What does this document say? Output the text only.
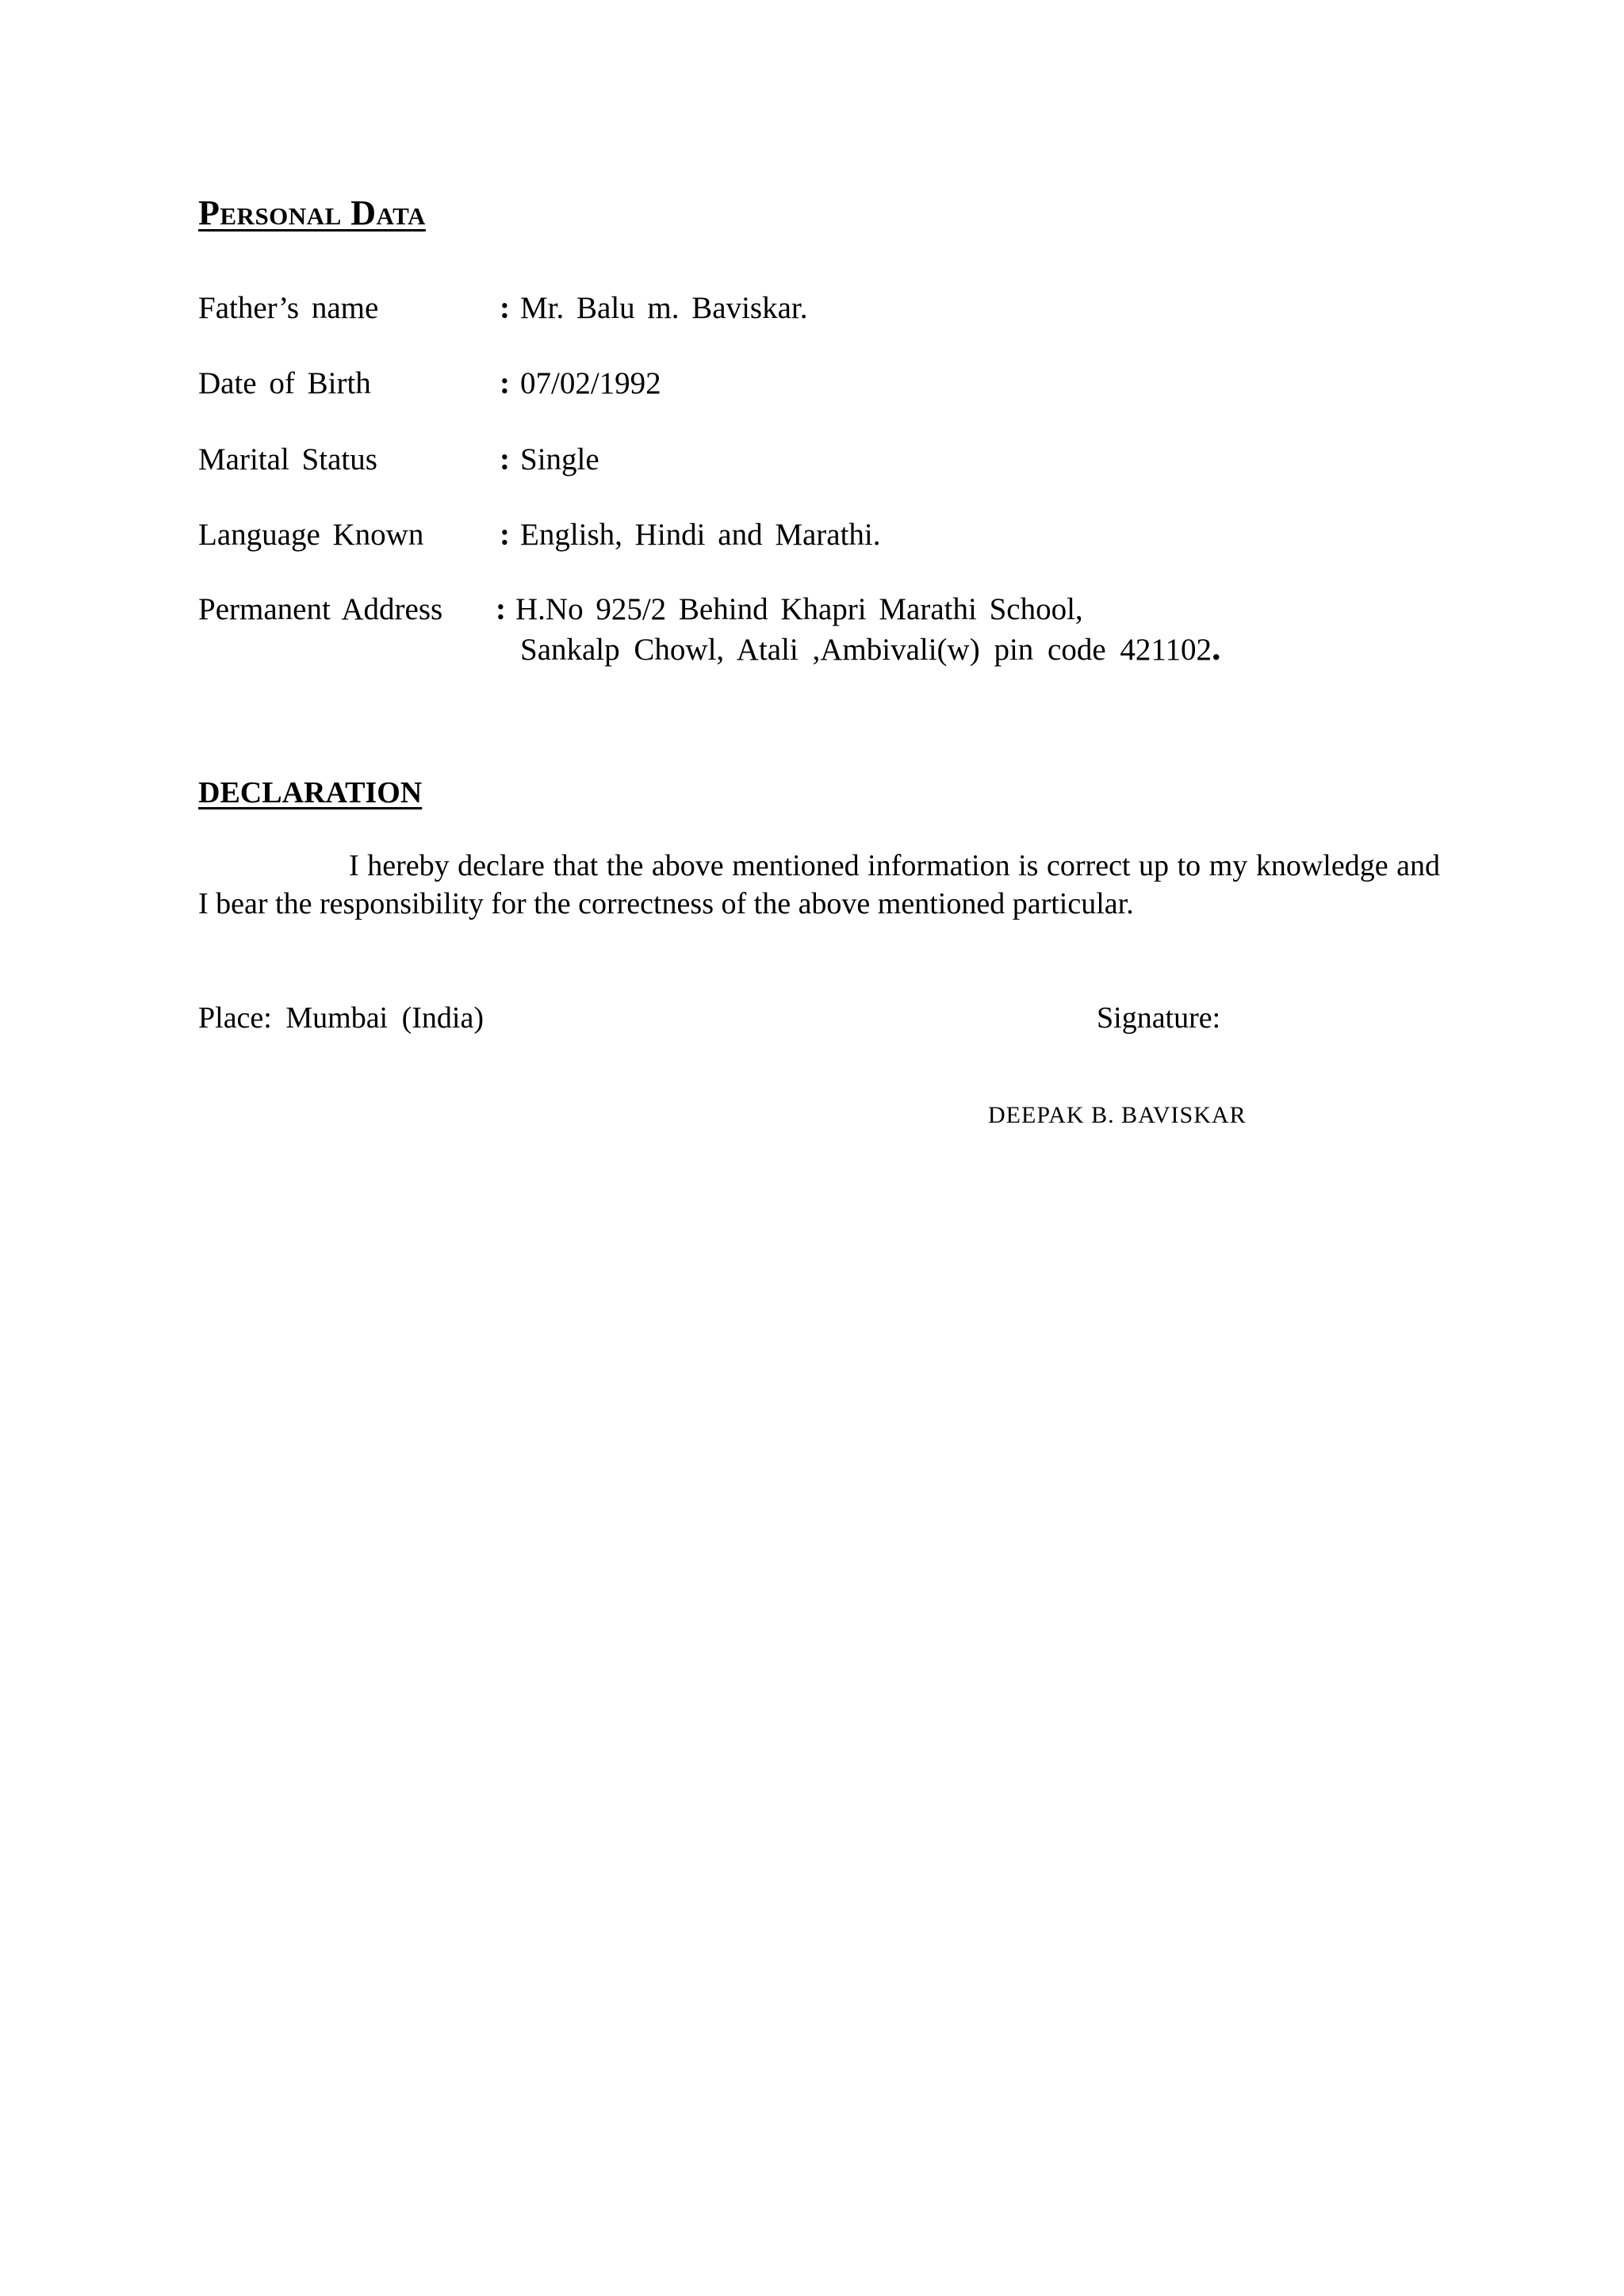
Personal Data
Father’s name	: Mr. Balu m. Baviskar.
Date of Birth	: 07/02/1992
Marital Status	: Single
Language Known : English, Hindi and Marathi.
Permanent Address : H.No 925/2 Behind Khapri Marathi School,
Sankalp Chowl, Atali ,Ambivali(w) pin code 421102.
DECLARATION
I hereby declare that the above mentioned information is correct up to my knowledge and I bear the responsibility for the correctness of the above mentioned particular.
Place: Mumbai (India)	Signature:
DEEPAK B. BAVISKAR
